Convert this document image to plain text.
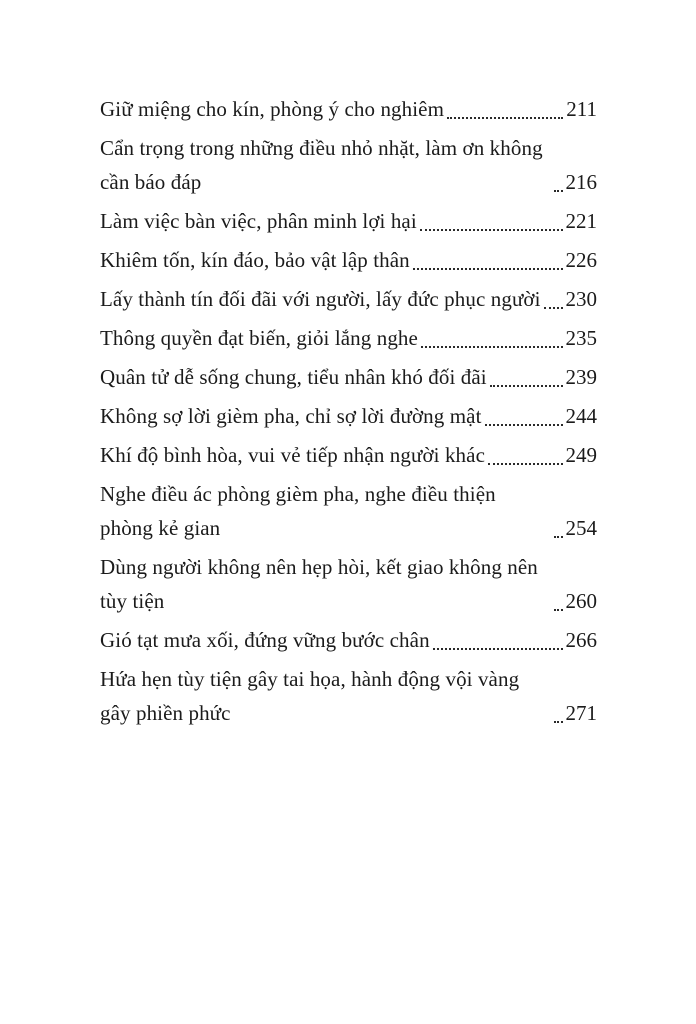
Giữ miệng cho kín, phòng ý cho nghiêm	211
Cẩn trọng trong những điều nhỏ nhặt, làm ơn không cần báo đáp	216
Làm việc bàn việc, phân minh lợi hại	221
Khiêm tốn, kín đáo, bảo vật lập thân	226
Lấy thành tín đối đãi với người, lấy đức phục người 230
Thông quyền đạt biến, giỏi lắng nghe	235
Quân tử dễ sống chung, tiểu nhân khó đối đãi	239
Không sợ lời gièm pha, chỉ sợ lời đường mật	244
Khí độ bình hòa, vui vẻ tiếp nhận người khác	249
Nghe điều ác phòng gièm pha, nghe điều thiện phòng kẻ gian	254
Dùng người không nên hẹp hòi, kết giao không nên tùy tiện	260
Gió tạt mưa xối, đứng vững bước chân	266
Hứa hẹn tùy tiện gây tai họa, hành động vội vàng gây phiền phức	271
